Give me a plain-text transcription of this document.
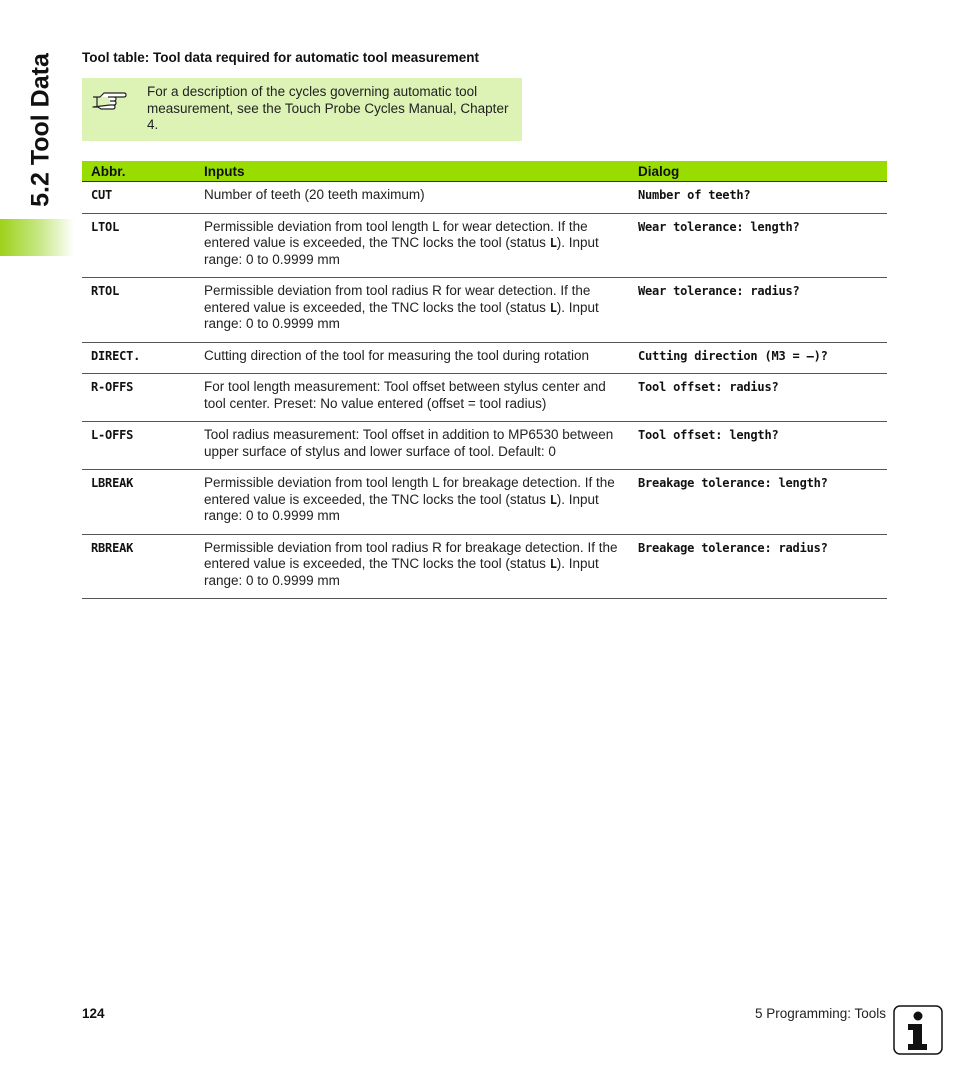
5.2 Tool Data Tool table: Tool data required for automatic tool measurement

For a description of the cycles governing automatic tool measurement, see the Touch Probe Cycles Manual, Chapter 4.

Abbr.	Inputs	Dialog
CUT	Number of teeth (20 teeth maximum)	Number of teeth?
LTOL	Permissible deviation from tool length L for wear detection. If the entered value is exceeded, the TNC locks the tool (status L). Input range: 0 to 0.9999 mm	Wear tolerance: length?
RTOL	Permissible deviation from tool radius R for wear detection. If the entered value is exceeded, the TNC locks the tool (status L). Input range: 0 to 0.9999 mm	Wear tolerance: radius?
DIRECT.	Cutting direction of the tool for measuring the tool during rotation	Cutting direction (M3 = –)?
R-OFFS	For tool length measurement: Tool offset between stylus center and tool center. Preset: No value entered (offset = tool radius)	Tool offset: radius?
L-OFFS	Tool radius measurement: Tool offset in addition to MP6530 between upper surface of stylus and lower surface of tool. Default: 0	Tool offset: length?
LBREAK	Permissible deviation from tool length L for breakage detection. If the entered value is exceeded, the TNC locks the tool (status L). Input range: 0 to 0.9999 mm	Breakage tolerance: length?
RBREAK	Permissible deviation from tool radius R for breakage detection. If the entered value is exceeded, the TNC locks the tool (status L). Input range: 0 to 0.9999 mm	Breakage tolerance: radius?
124	5 Programming: Tools
